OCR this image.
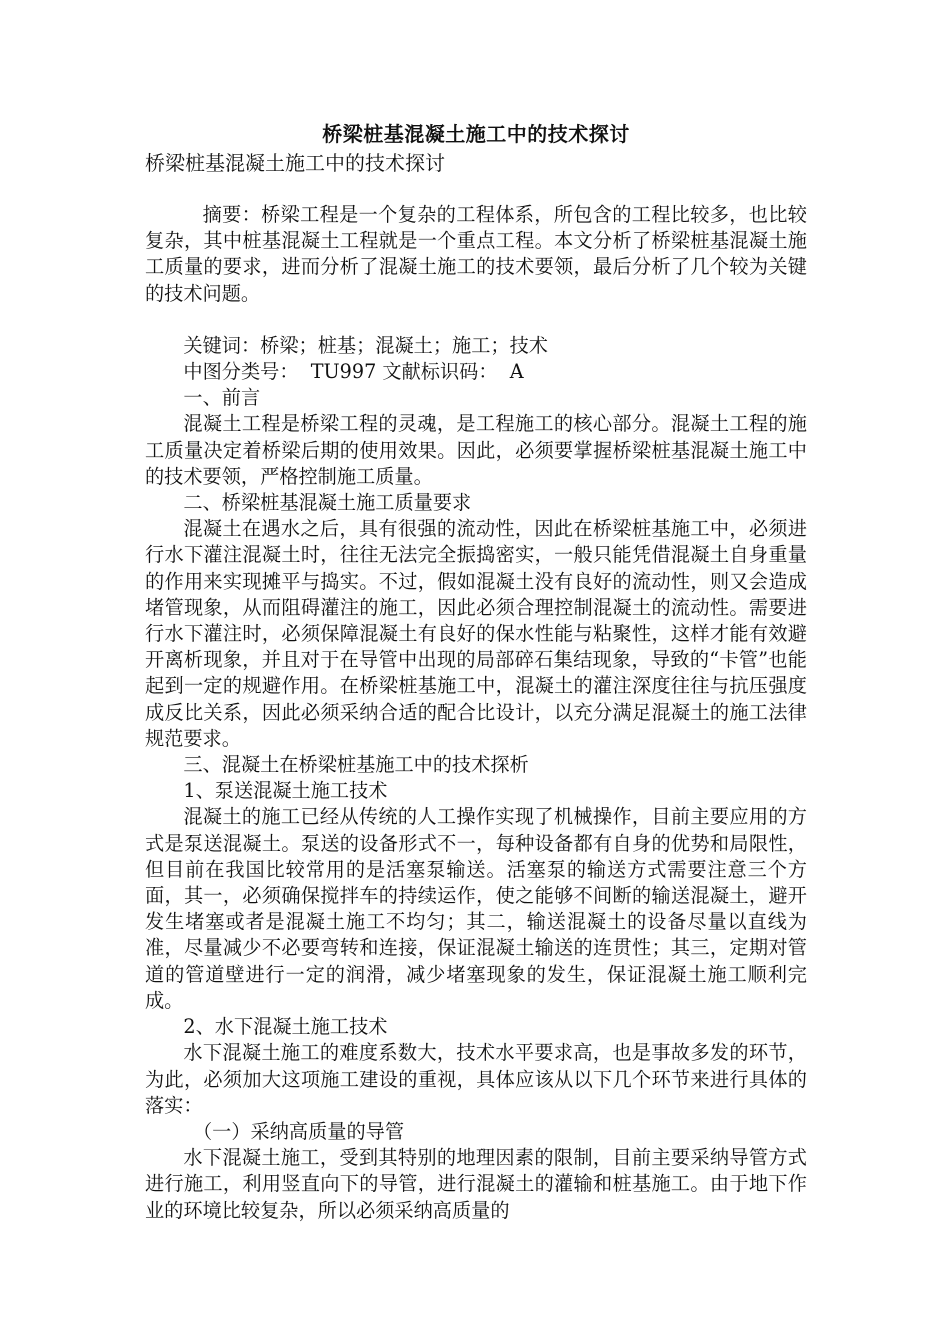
桥梁桩基混凝土施工中的技术探讨

桥梁桩基混凝土施工中的技术探讨

摘要：桥梁工程是一个复杂的工程体系，所包含的工程比较多，也比较复杂，其中桩基混凝土工程就是一个重点工程。本文分析了桥梁桩基混凝土施工质量的要求，进而分析了混凝土施工的技术要领，最后分析了几个较为关键的技术问题。

关键词：桥梁；桩基；混凝土；施工；技术

中图分类号：  TU997 文献标识码：  A

一、前言

混凝土工程是桥梁工程的灵魂，是工程施工的核心部分。混凝土工程的施工质量决定着桥梁后期的使用效果。因此，必须要掌握桥梁桩基混凝土施工中的技术要领，严格控制施工质量。

二、桥梁桩基混凝土施工质量要求

混凝土在遇水之后，具有很强的流动性，因此在桥梁桩基施工中，必须进行水下灌注混凝土时，往往无法完全振捣密实，一般只能凭借混凝土自身重量的作用来实现摊平与捣实。不过，假如混凝土没有良好的流动性，则又会造成堵管现象，从而阻碍灌注的施工，因此必须合理控制混凝土的流动性。需要进行水下灌注时，必须保障混凝土有良好的保水性能与粘聚性，这样才能有效避开离析现象，并且对于在导管中出现的局部碎石集结现象，导致的“卡管”也能起到一定的规避作用。在桥梁桩基施工中，混凝土的灌注深度往往与抗压强度成反比关系，因此必须采纳合适的配合比设计，以充分满足混凝土的施工法律规范要求。

三、混凝土在桥梁桩基施工中的技术探析

1、泵送混凝土施工技术

混凝土的施工已经从传统的人工操作实现了机械操作，目前主要应用的方式是泵送混凝土。泵送的设备形式不一，每种设备都有自身的优势和局限性，但目前在我国比较常用的是活塞泵输送。活塞泵的输送方式需要注意三个方面，其一，必须确保搅拌车的持续运作，使之能够不间断的输送混凝土，避开发生堵塞或者是混凝土施工不均匀；其二，输送混凝土的设备尽量以直线为准，尽量减少不必要弯转和连接，保证混凝土输送的连贯性；其三，定期对管道的管道壁进行一定的润滑，减少堵塞现象的发生，保证混凝土施工顺利完成。

2、水下混凝土施工技术

水下混凝土施工的难度系数大，技术水平要求高，也是事故多发的环节，为此，必须加大这项施工建设的重视，具体应该从以下几个环节来进行具体的落实：

（一）采纳高质量的导管

水下混凝土施工，受到其特别的地理因素的限制，目前主要采纳导管方式进行施工，利用竖直向下的导管，进行混凝土的灌输和桩基施工。由于地下作业的环境比较复杂，所以必须采纳高质量的
